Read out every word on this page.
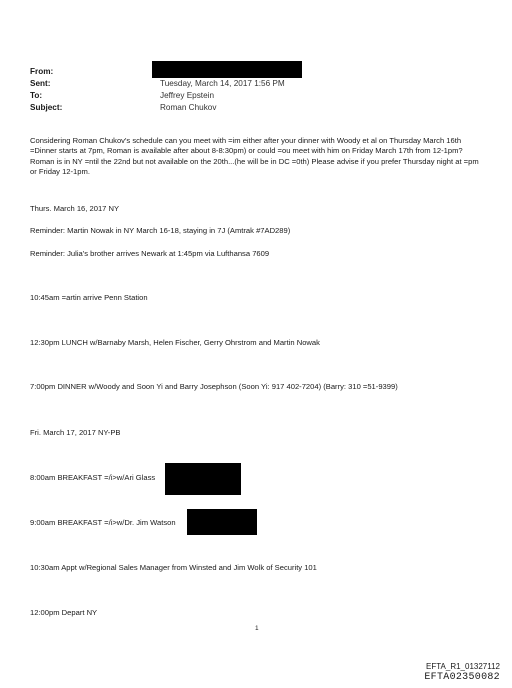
From:
Sent:	Tuesday, March 14, 2017 1:56 PM
To:	Jeffrey Epstein
Subject:	Roman Chukov
Considering Roman Chukov's schedule can you meet with =im either after your dinner with Woody et al on Thursday March 16th =Dinner starts at 7pm, Roman is available after about 8-8:30pm) or could =ou meet with him on Friday March 17th from 12-1pm? Roman is in NY =ntil the 22nd but not available on the 20th...(he will be in DC =0th) Please advise if you prefer Thursday night at =pm or Friday 12-1pm.
Thurs. March 16, 2017 NY
Reminder: Martin Nowak in NY March 16-18, staying in 7J (Amtrak #7AD289)
Reminder: Julia's brother arrives Newark at 1:45pm via Lufthansa 7609
10:45am =artin arrive Penn Station
12:30pm LUNCH w/Barnaby Marsh, Helen Fischer, Gerry Ohrstrom and Martin Nowak
7:00pm DINNER w/Woody and Soon Yi and Barry Josephson (Soon Yi: 917 402-7204) (Barry: 310 =51-9399)
Fri. March 17, 2017 NY-PB
8:00am BREAKFAST =/i>w/Ari Glass
9:00am BREAKFAST =/i>w/Dr. Jim Watson
10:30am Appt w/Regional Sales Manager from Winsted and Jim Wolk of Security 101
12:00pm Depart NY
1
EFTA_R1_01327112
EFTA02350082
